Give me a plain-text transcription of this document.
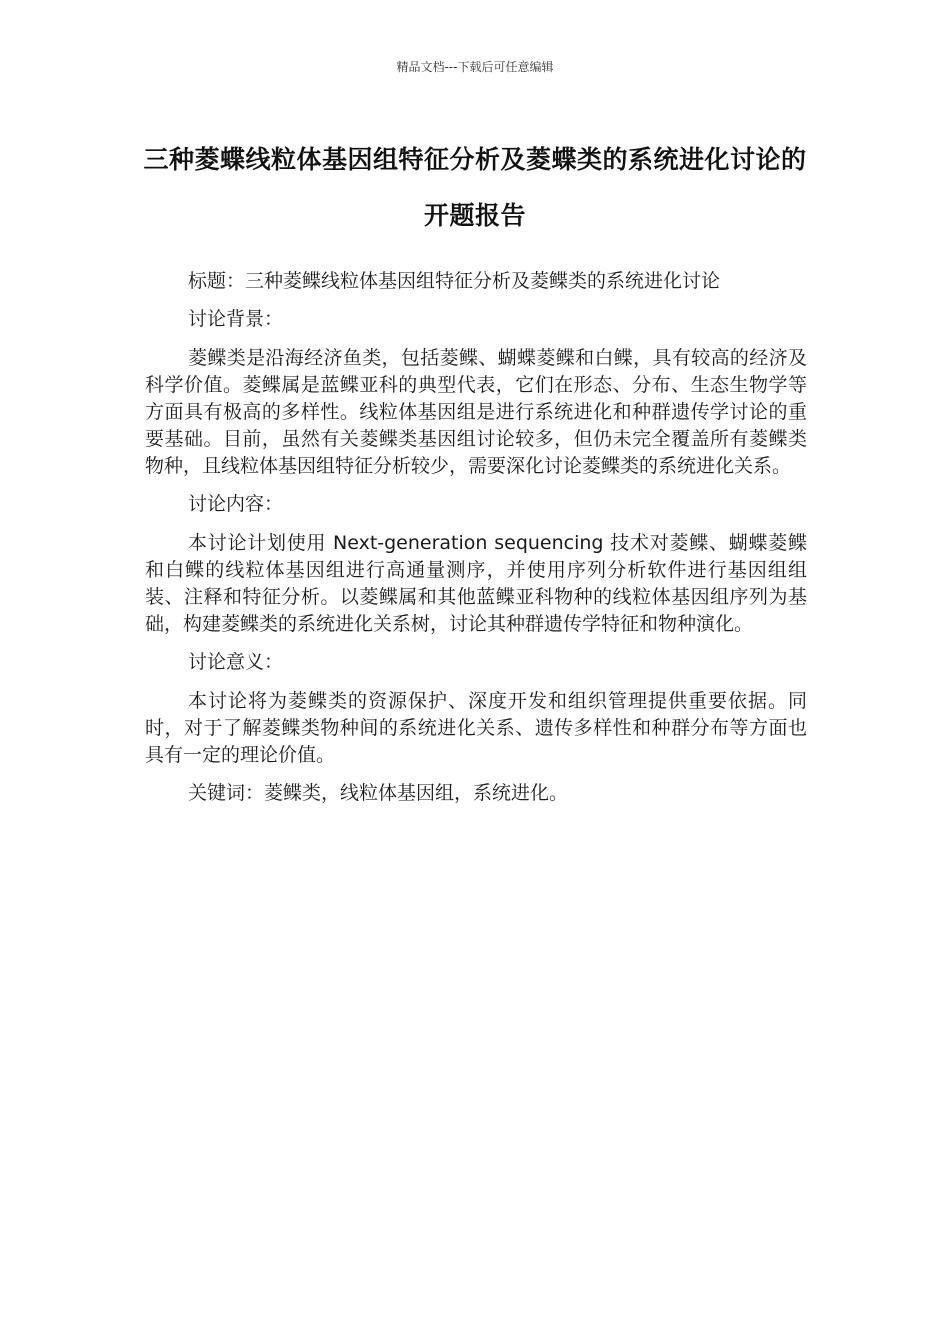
精品文档---下载后可任意编辑
三种菱蝶线粒体基因组特征分析及菱蝶类的系统进化讨论的开题报告

标题：三种菱鲽线粒体基因组特征分析及菱鲽类的系统进化讨论

讨论背景：

菱鲽类是沿海经济鱼类，包括菱鲽、蝴蝶菱鲽和白鲽，具有较高的经济及科学价值。菱鲽属是蓝鲽亚科的典型代表，它们在形态、分布、生态生物学等方面具有极高的多样性。线粒体基因组是进行系统进化和种群遗传学讨论的重要基础。目前，虽然有关菱鲽类基因组讨论较多，但仍未完全覆盖所有菱鲽类物种，且线粒体基因组特征分析较少，需要深化讨论菱鲽类的系统进化关系。

讨论内容：

本讨论计划使用 Next-generation sequencing 技术对菱鲽、蝴蝶菱鲽和白鲽的线粒体基因组进行高通量测序，并使用序列分析软件进行基因组组装、注释和特征分析。以菱鲽属和其他蓝鲽亚科物种的线粒体基因组序列为基础，构建菱鲽类的系统进化关系树，讨论其种群遗传学特征和物种演化。

讨论意义：

本讨论将为菱鲽类的资源保护、深度开发和组织管理提供重要依据。同时，对于了解菱鲽类物种间的系统进化关系、遗传多样性和种群分布等方面也具有一定的理论价值。

关键词：菱鲽类，线粒体基因组，系统进化。
